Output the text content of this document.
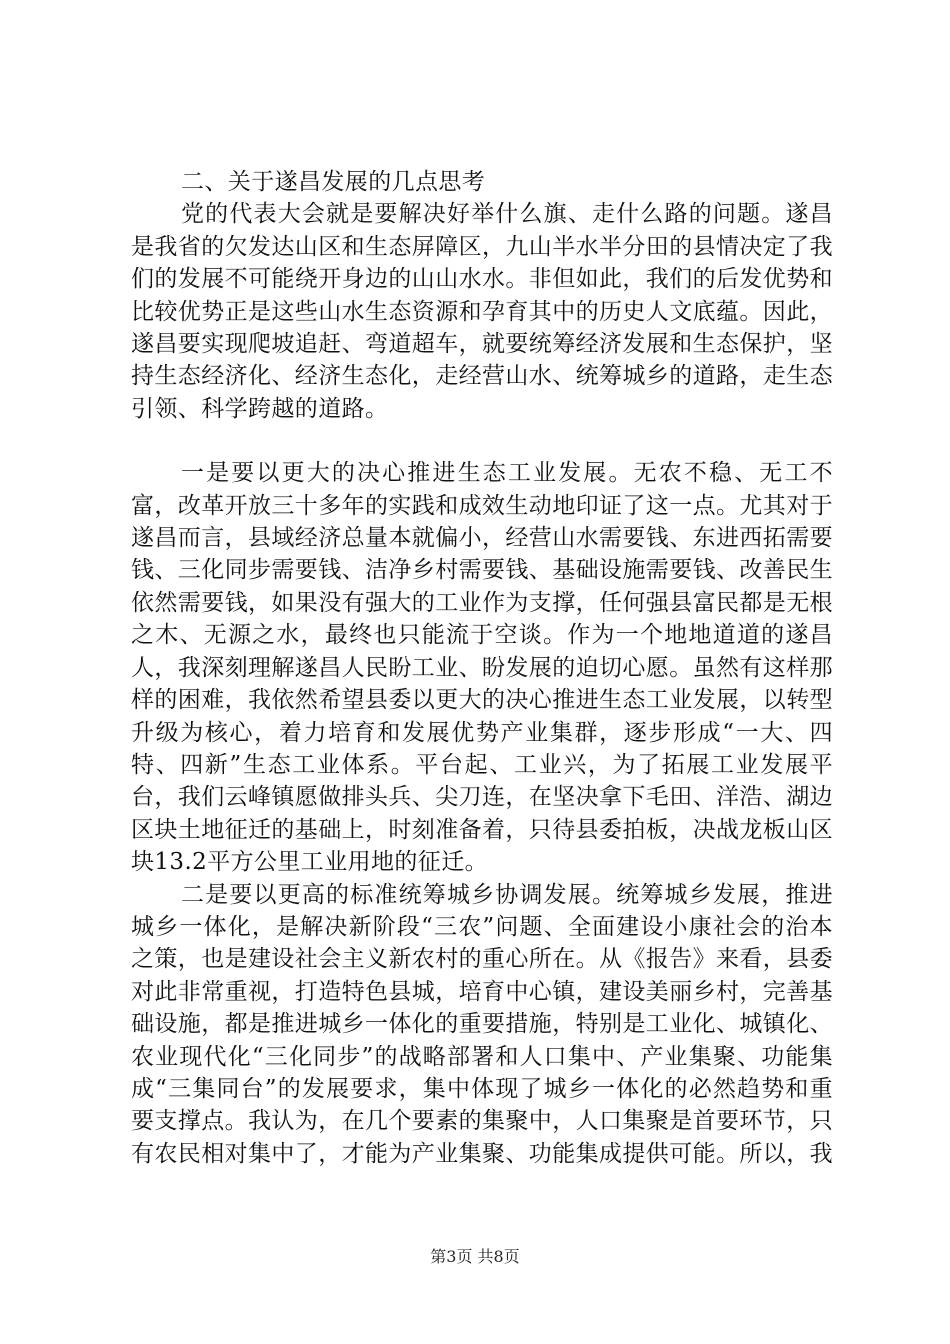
二、关于遂昌发展的几点思考

党的代表大会就是要解决好举什么旗、走什么路的问题。遂昌是我省的欠发达山区和生态屏障区，九山半水半分田的县情决定了我们的发展不可能绕开身边的山山水水。非但如此，我们的后发优势和比较优势正是这些山水生态资源和孕育其中的历史人文底蕴。因此，遂昌要实现爬坡追赶、弯道超车，就要统筹经济发展和生态保护，坚持生态经济化、经济生态化，走经营山水、统筹城乡的道路，走生态引领、科学跨越的道路。

一是要以更大的决心推进生态工业发展。无农不稳、无工不富，改革开放三十多年的实践和成效生动地印证了这一点。尤其对于遂昌而言，县域经济总量本就偏小，经营山水需要钱、东进西拓需要钱、三化同步需要钱、洁净乡村需要钱、基础设施需要钱、改善民生依然需要钱，如果没有强大的工业作为支撑，任何强县富民都是无根之木、无源之水，最终也只能流于空谈。作为一个地地道道的遂昌人，我深刻理解遂昌人民盼工业、盼发展的迫切心愿。虽然有这样那样的困难，我依然希望县委以更大的决心推进生态工业发展，以转型升级为核心，着力培育和发展优势产业集群，逐步形成“一大、四特、四新”生态工业体系。平台起、工业兴，为了拓展工业发展平台，我们云峰镇愿做排头兵、尖刀连，在坚决拿下毛田、洋浩、湖边区块土地征迁的基础上，时刻准备着，只待县委拍板，决战龙板山区块13.2平方公里工业用地的征迁。

二是要以更高的标准统筹城乡协调发展。统筹城乡发展，推进城乡一体化，是解决新阶段“三农”问题、全面建设小康社会的治本之策，也是建设社会主义新农村的重心所在。从《报告》来看，县委对此非常重视，打造特色县城，培育中心镇，建设美丽乡村，完善基础设施，都是推进城乡一体化的重要措施，特别是工业化、城镇化、农业现代化“三化同步”的战略部署和人口集中、产业集聚、功能集成“三集同台”的发展要求，集中体现了城乡一体化的必然趋势和重要支撑点。我认为，在几个要素的集聚中，人口集聚是首要环节，只有农民相对集中了，才能为产业集聚、功能集成提供可能。所以，我

第3页 共8页
